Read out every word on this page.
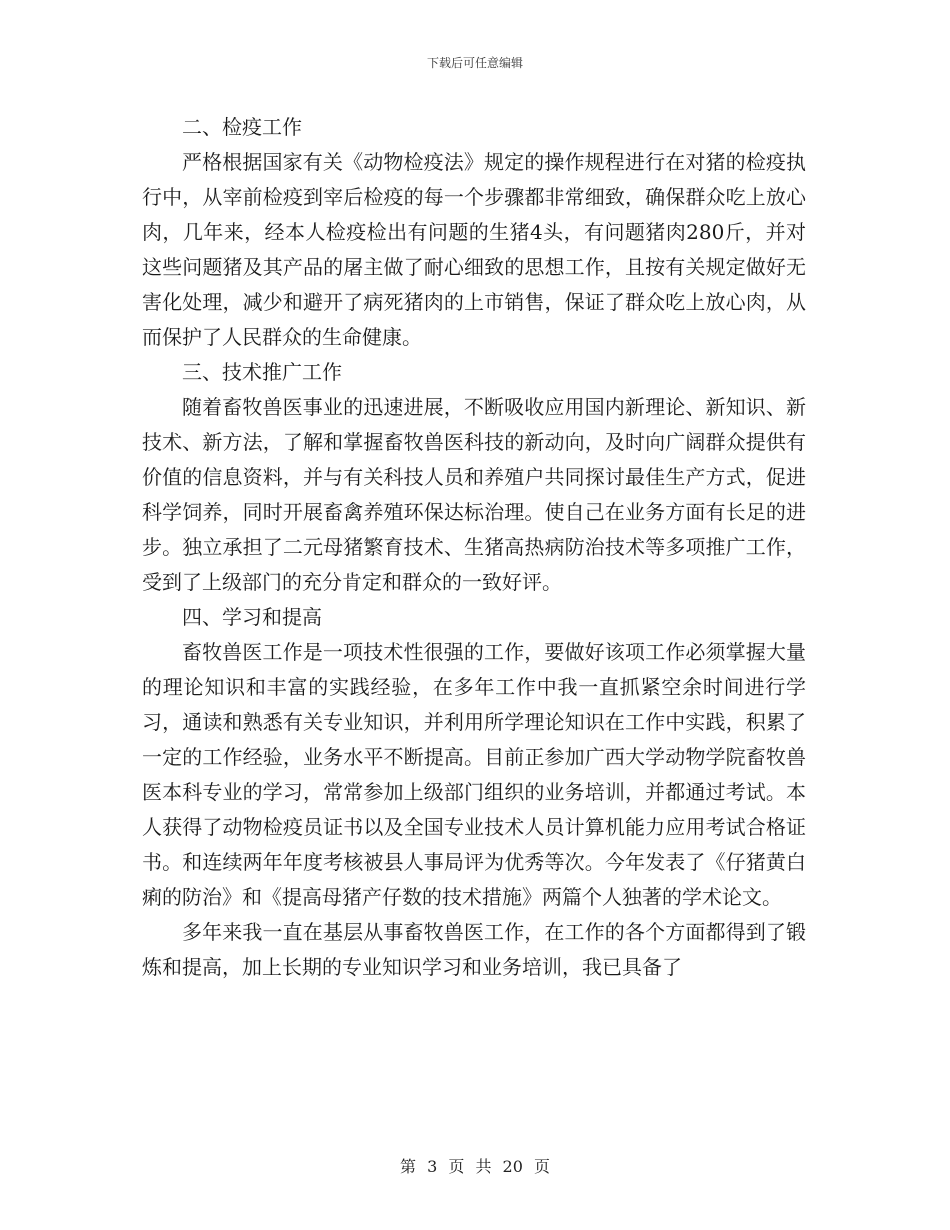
下载后可任意编辑

二、检疫工作

严格根据国家有关《动物检疫法》规定的操作规程进行在对猪的检疫执行中，从宰前检疫到宰后检疫的每一个步骤都非常细致，确保群众吃上放心肉，几年来，经本人检疫检出有问题的生猪4头，有问题猪肉280斤，并对这些问题猪及其产品的屠主做了耐心细致的思想工作，且按有关规定做好无害化处理，减少和避开了病死猪肉的上市销售，保证了群众吃上放心肉，从而保护了人民群众的生命健康。

三、技术推广工作

随着畜牧兽医事业的迅速进展，不断吸收应用国内新理论、新知识、新技术、新方法，了解和掌握畜牧兽医科技的新动向，及时向广阔群众提供有价值的信息资料，并与有关科技人员和养殖户共同探讨最佳生产方式，促进科学饲养，同时开展畜禽养殖环保达标治理。使自己在业务方面有长足的进步。独立承担了二元母猪繁育技术、生猪高热病防治技术等多项推广工作，受到了上级部门的充分肯定和群众的一致好评。

四、学习和提高

畜牧兽医工作是一项技术性很强的工作，要做好该项工作必须掌握大量的理论知识和丰富的实践经验，在多年工作中我一直抓紧空余时间进行学习，通读和熟悉有关专业知识，并利用所学理论知识在工作中实践，积累了一定的工作经验，业务水平不断提高。目前正参加广西大学动物学院畜牧兽医本科专业的学习，常常参加上级部门组织的业务培训，并都通过考试。本人获得了动物检疫员证书以及全国专业技术人员计算机能力应用考试合格证书。和连续两年年度考核被县人事局评为优秀等次。今年发表了《仔猪黄白痢的防治》和《提高母猪产仔数的技术措施》两篇个人独著的学术论文。

多年来我一直在基层从事畜牧兽医工作，在工作的各个方面都得到了锻炼和提高，加上长期的专业知识学习和业务培训，我已具备了

第 3 页 共 20 页
